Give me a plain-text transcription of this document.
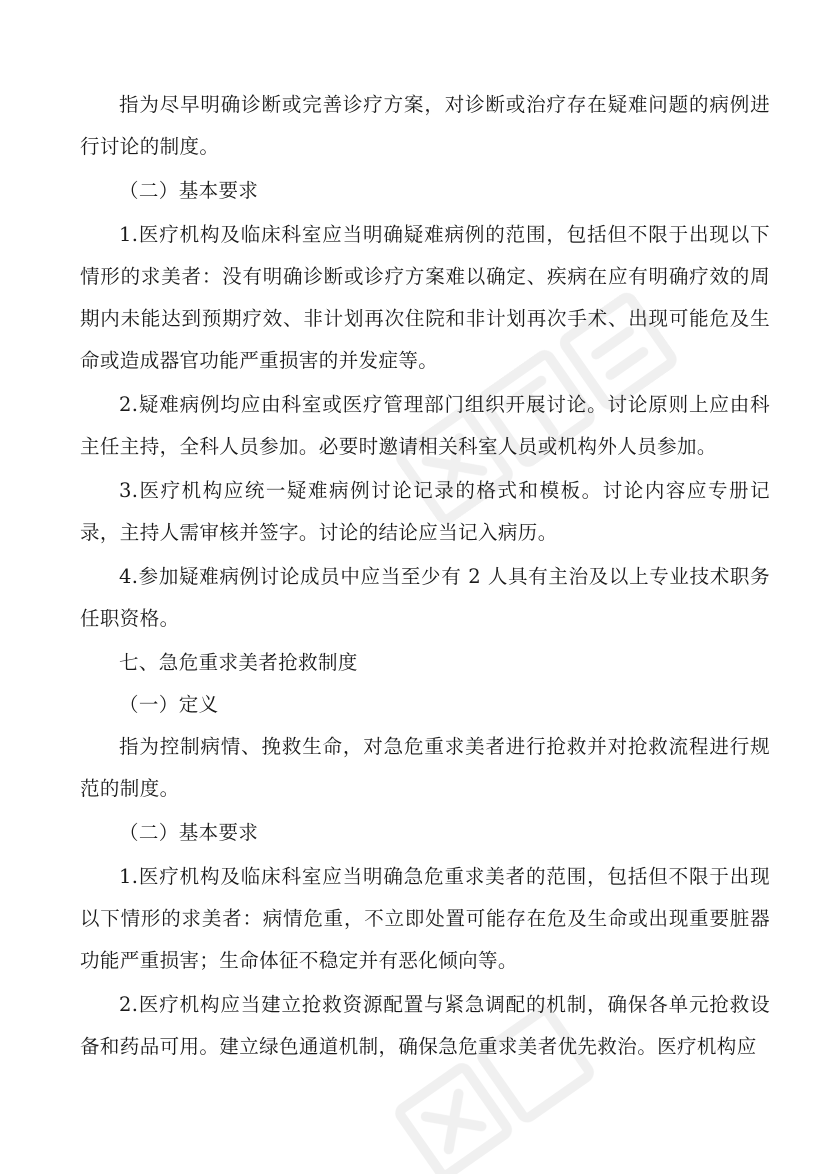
指为尽早明确诊断或完善诊疗方案，对诊断或治疗存在疑难问题的病例进行讨论的制度。

（二）基本要求

1.医疗机构及临床科室应当明确疑难病例的范围，包括但不限于出现以下情形的求美者：没有明确诊断或诊疗方案难以确定、疾病在应有明确疗效的周期内未能达到预期疗效、非计划再次住院和非计划再次手术、出现可能危及生命或造成器官功能严重损害的并发症等。

2.疑难病例均应由科室或医疗管理部门组织开展讨论。讨论原则上应由科主任主持，全科人员参加。必要时邀请相关科室人员或机构外人员参加。

3.医疗机构应统一疑难病例讨论记录的格式和模板。讨论内容应专册记录，主持人需审核并签字。讨论的结论应当记入病历。

4.参加疑难病例讨论成员中应当至少有 2 人具有主治及以上专业技术职务任职资格。

七、急危重求美者抢救制度

（一）定义

指为控制病情、挽救生命，对急危重求美者进行抢救并对抢救流程进行规范的制度。

（二）基本要求

1.医疗机构及临床科室应当明确急危重求美者的范围，包括但不限于出现以下情形的求美者：病情危重，不立即处置可能存在危及生命或出现重要脏器功能严重损害；生命体征不稳定并有恶化倾向等。

2.医疗机构应当建立抢救资源配置与紧急调配的机制，确保各单元抢救设备和药品可用。建立绿色通道机制，确保急危重求美者优先救治。医疗机构应
